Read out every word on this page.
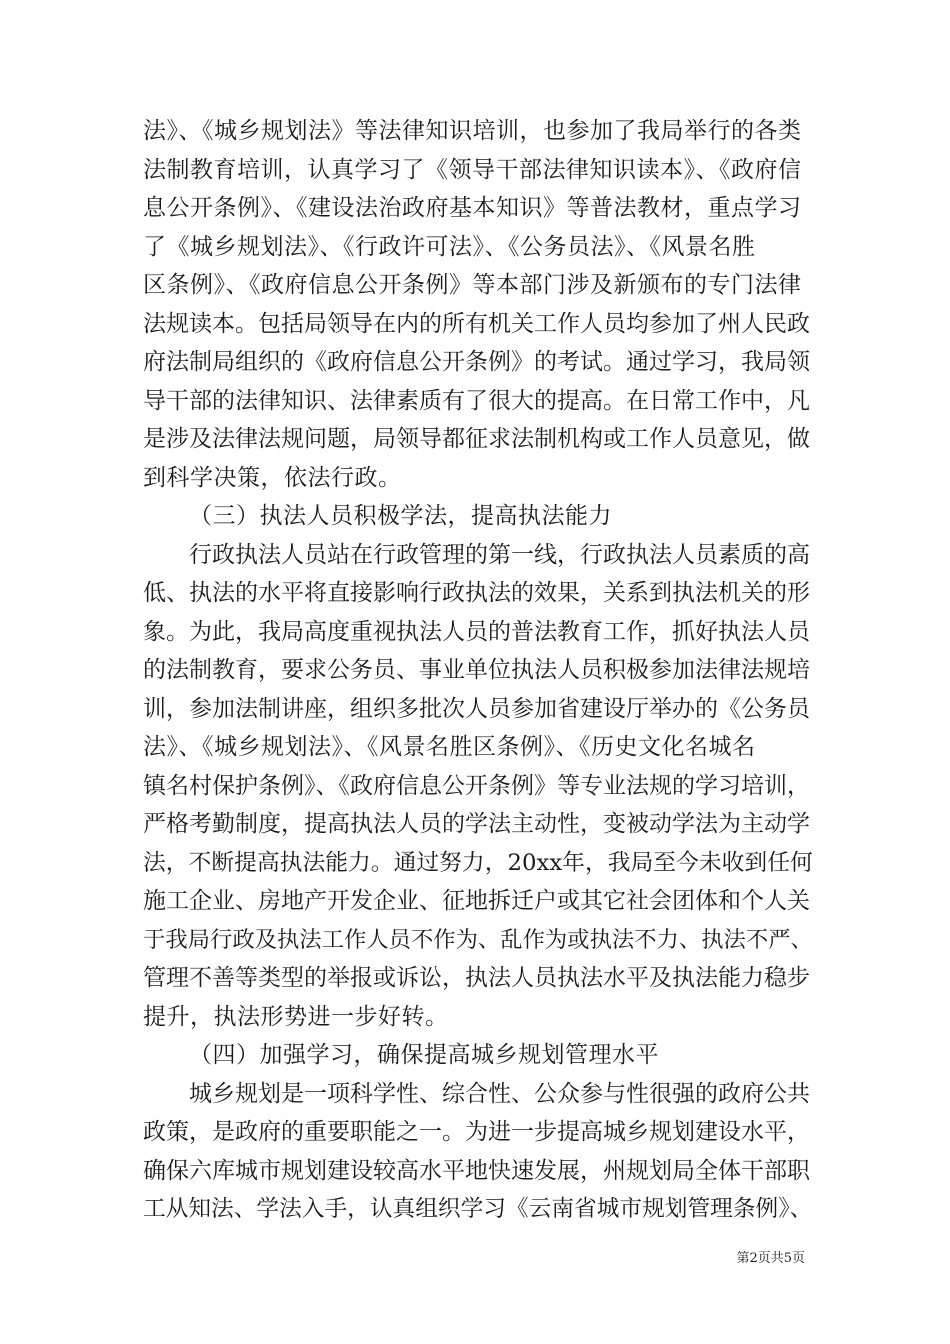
法》、《城乡规划法》等法律知识培训，也参加了我局举行的各类
法制教育培训，认真学习了《领导干部法律知识读本》、《政府信
息公开条例》、《建设法治政府基本知识》等普法教材，重点学习
了《城乡规划法》、《行政许可法》、《公务员法》、《风景名胜
区条例》、《政府信息公开条例》等本部门涉及新颁布的专门法律
法规读本。包括局领导在内的所有机关工作人员均参加了州人民政
府法制局组织的《政府信息公开条例》的考试。通过学习，我局领
导干部的法律知识、法律素质有了很大的提高。在日常工作中，凡
是涉及法律法规问题，局领导都征求法制机构或工作人员意见，做
到科学决策，依法行政。
（三）执法人员积极学法，提高执法能力
行政执法人员站在行政管理的第一线，行政执法人员素质的高
低、执法的水平将直接影响行政执法的效果，关系到执法机关的形
象。为此，我局高度重视执法人员的普法教育工作，抓好执法人员
的法制教育，要求公务员、事业单位执法人员积极参加法律法规培
训，参加法制讲座，组织多批次人员参加省建设厅举办的《公务员
法》、《城乡规划法》、《风景名胜区条例》、《历史文化名城名
镇名村保护条例》、《政府信息公开条例》等专业法规的学习培训，
严格考勤制度，提高执法人员的学法主动性，变被动学法为主动学
法，不断提高执法能力。通过努力，20xx年，我局至今未收到任何
施工企业、房地产开发企业、征地拆迁户或其它社会团体和个人关
于我局行政及执法工作人员不作为、乱作为或执法不力、执法不严、
管理不善等类型的举报或诉讼，执法人员执法水平及执法能力稳步
提升，执法形势进一步好转。
（四）加强学习，确保提高城乡规划管理水平
城乡规划是一项科学性、综合性、公众参与性很强的政府公共
政策，是政府的重要职能之一。为进一步提高城乡规划建设水平，
确保六库城市规划建设较高水平地快速发展，州规划局全体干部职
工从知法、学法入手，认真组织学习《云南省城市规划管理条例》、
第2页共5页
